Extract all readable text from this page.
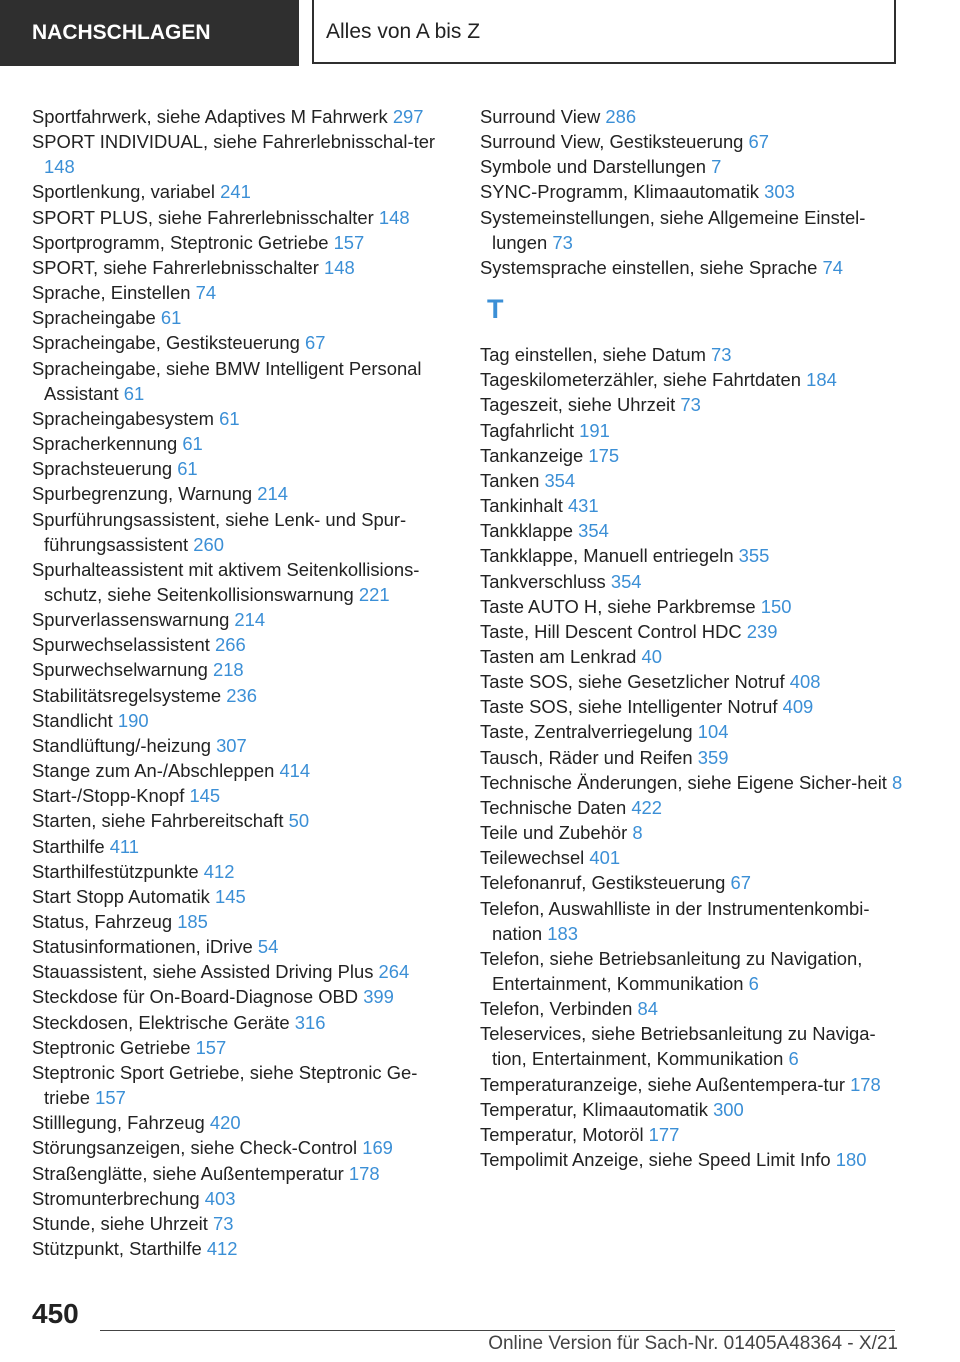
NACHSCHLAGEN	Alles von A bis Z
Sportfahrwerk, siehe Adaptives M Fahrwerk 297
SPORT INDIVIDUAL, siehe Fahrerlebnisschal-ter 148
Sportlenkung, variabel 241
SPORT PLUS, siehe Fahrerlebnisschalter 148
Sportprogramm, Steptronic Getriebe 157
SPORT, siehe Fahrerlebnisschalter 148
Sprache, Einstellen 74
Spracheingabe 61
Spracheingabe, Gestiksteuerung 67
Spracheingabe, siehe BMW Intelligent Personal Assistant 61
Spracheingabesystem 61
Spracherkennung 61
Sprachsteuerung 61
Spurbegrenzung, Warnung 214
Spurführungsassistent, siehe Lenk- und Spur-führungsassistent 260
Spurhalteassistent mit aktivem Seitenkollisions-schutz, siehe Seitenkollisionswarnung 221
Spurverlassenswarnung 214
Spurwechselassistent 266
Spurwechselwarnung 218
Stabilitätsregelsysteme 236
Standlicht 190
Standlüftung/-heizung 307
Stange zum An-/Abschleppen 414
Start-/Stopp-Knopf 145
Starten, siehe Fahrbereitschaft 50
Starthilfe 411
Starthilfestützpunkte 412
Start Stopp Automatik 145
Status, Fahrzeug 185
Statusinformationen, iDrive 54
Stauassistent, siehe Assisted Driving Plus 264
Steckdose für On-Board-Diagnose OBD 399
Steckdosen, Elektrische Geräte 316
Steptronic Getriebe 157
Steptronic Sport Getriebe, siehe Steptronic Ge-triebe 157
Stilllegung, Fahrzeug 420
Störungsanzeigen, siehe Check-Control 169
Straßenglätte, siehe Außentemperatur 178
Stromunterbrechung 403
Stunde, siehe Uhrzeit 73
Stützpunkt, Starthilfe 412
Surround View 286
Surround View, Gestiksteuerung 67
Symbole und Darstellungen 7
SYNC-Programm, Klimaautomatik 303
Systemeinstellungen, siehe Allgemeine Einstel-lungen 73
Systemsprache einstellen, siehe Sprache 74
T
Tag einstellen, siehe Datum 73
Tageskilometerzähler, siehe Fahrtdaten 184
Tageszeit, siehe Uhrzeit 73
Tagfahrlicht 191
Tankanzeige 175
Tanken 354
Tankinhalt 431
Tankklappe 354
Tankklappe, Manuell entriegeln 355
Tankverschluss 354
Taste AUTO H, siehe Parkbremse 150
Taste, Hill Descent Control HDC 239
Tasten am Lenkrad 40
Taste SOS, siehe Gesetzlicher Notruf 408
Taste SOS, siehe Intelligenter Notruf 409
Taste, Zentralverriegelung 104
Tausch, Räder und Reifen 359
Technische Änderungen, siehe Eigene Sicher-heit 8
Technische Daten 422
Teile und Zubehör 8
Teilewechsel 401
Telefonanruf, Gestiksteuerung 67
Telefon, Auswahlliste in der Instrumentenkombi-nation 183
Telefon, siehe Betriebsanleitung zu Navigation, Entertainment, Kommunikation 6
Telefon, Verbinden 84
Teleservices, siehe Betriebsanleitung zu Naviga-tion, Entertainment, Kommunikation 6
Temperaturanzeige, siehe Außentempera-tur 178
Temperatur, Klimaautomatik 300
Temperatur, Motoröl 177
Tempolimit Anzeige, siehe Speed Limit Info 180
450
Online Version für Sach-Nr. 01405A48364 - X/21
